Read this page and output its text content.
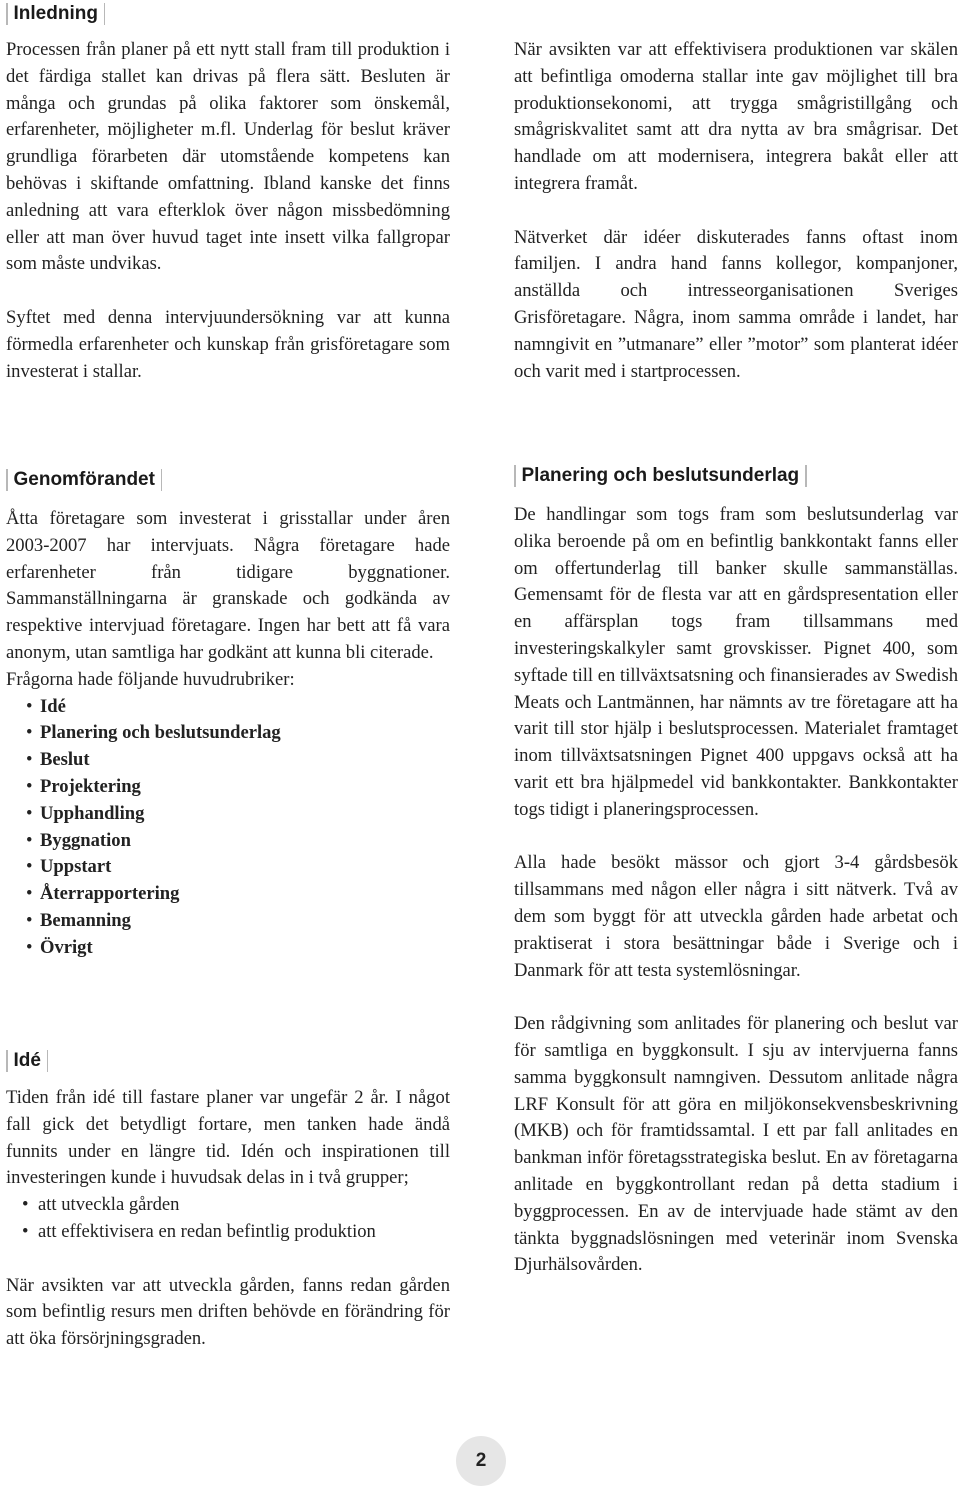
Inledning

Processen från planer på ett nytt stall fram till produktion i det färdiga stallet kan drivas på flera sätt. Besluten är många och grundas på olika faktorer som önskemål, erfarenheter, möjligheter m.fl. Underlag för beslut kräver grundliga förarbeten där utomstående kompetens kan behövas i skiftande omfattning. Ibland kanske det finns anledning att vara efterklok över någon missbedömning eller att man över huvud taget inte insett vilka fallgropar som måste undvikas.

Syftet med denna intervjuundersökning var att kunna förmedla erfarenheter och kunskap från grisföretagare som investerat i stallar.

När avsikten var att effektivisera produktionen var skälen att befintliga omoderna stallar inte gav möjlighet till bra produktionsekonomi, att trygga smågristillgång och smågriskvalitet samt att dra nytta av bra smågrisar. Det handlade om att modernisera, integrera bakåt eller att integrera framåt.

Nätverket där idéer diskuterades fanns oftast inom familjen. I andra hand fanns kollegor, kompanjoner, anställda och intresseorganisationen Sveriges Grisföretagare. Några, inom samma område i landet, har namngivit en ”utmanare” eller ”motor” som planterat idéer och varit med i startprocessen.

Genomförandet

Åtta företagare som investerat i grisstallar under åren 2003-2007 har intervjuats. Några företagare hade erfarenheter från tidigare byggnationer. Sammanställningarna är granskade och godkända av respektive intervjuad företagare. Ingen har bett att få vara anonym, utan samtliga har godkänt att kunna bli citerade.

Frågorna hade följande huvudrubriker:

• Idé
• Planering och beslutsunderlag
• Beslut
• Projektering
• Upphandling
• Byggnation
• Uppstart
• Återrapportering
• Bemanning
• Övrigt
Idé

Tiden från idé till fastare planer var ungefär 2 år. I något fall gick det betydligt fortare, men tanken hade ändå funnits under en längre tid. Idén och inspirationen till investeringen kunde i huvudsak delas in i två grupper;

• att utveckla gården
• att effektivisera en redan befintlig produktion

När avsikten var att utveckla gården, fanns redan gården som befintlig resurs men driften behövde en förändring för att öka försörjningsgraden.

Planering och beslutsunderlag

De handlingar som togs fram som beslutsunderlag var olika beroende på om en befintlig bankkontakt fanns eller om offertunderlag till banker skulle sammanställas. Gemensamt för de flesta var att en gårdspresentation eller en affärsplan togs fram tillsammans med investeringskalkyler samt grovskisser. Pignet 400, som syftade till en tillväxtsatsning och finansierades av Swedish Meats och Lantmännen, har nämnts av tre företagare att ha varit till stor hjälp i beslutsprocessen. Materialet framtaget inom tillväxtsatsningen Pignet 400 uppgavs också att ha varit ett bra hjälpmedel vid bankkontakter. Bankkontakter togs tidigt i planeringsprocessen.

Alla hade besökt mässor och gjort 3-4 gårdsbesök tillsammans med någon eller några i sitt nätverk. Två av dem som byggt för att utveckla gården hade arbetat och praktiserat i stora besättningar både i Sverige och i Danmark för att testa systemlösningar.

Den rådgivning som anlitades för planering och beslut var för samtliga en byggkonsult. I sju av intervjuerna fanns samma byggkonsult namngiven. Dessutom anlitade några LRF Konsult för att göra en miljökonsekvensbeskrivning (MKB) och för framtidssamtal. I ett par fall anlitades en bankman inför företagsstrategiska beslut. En av företagarna anlitade en byggkontrollant redan på detta stadium i byggprocessen. En av de intervjuade hade stämt av den tänkta byggnadslösningen med veterinär inom Svenska Djurhälsovården.

2
